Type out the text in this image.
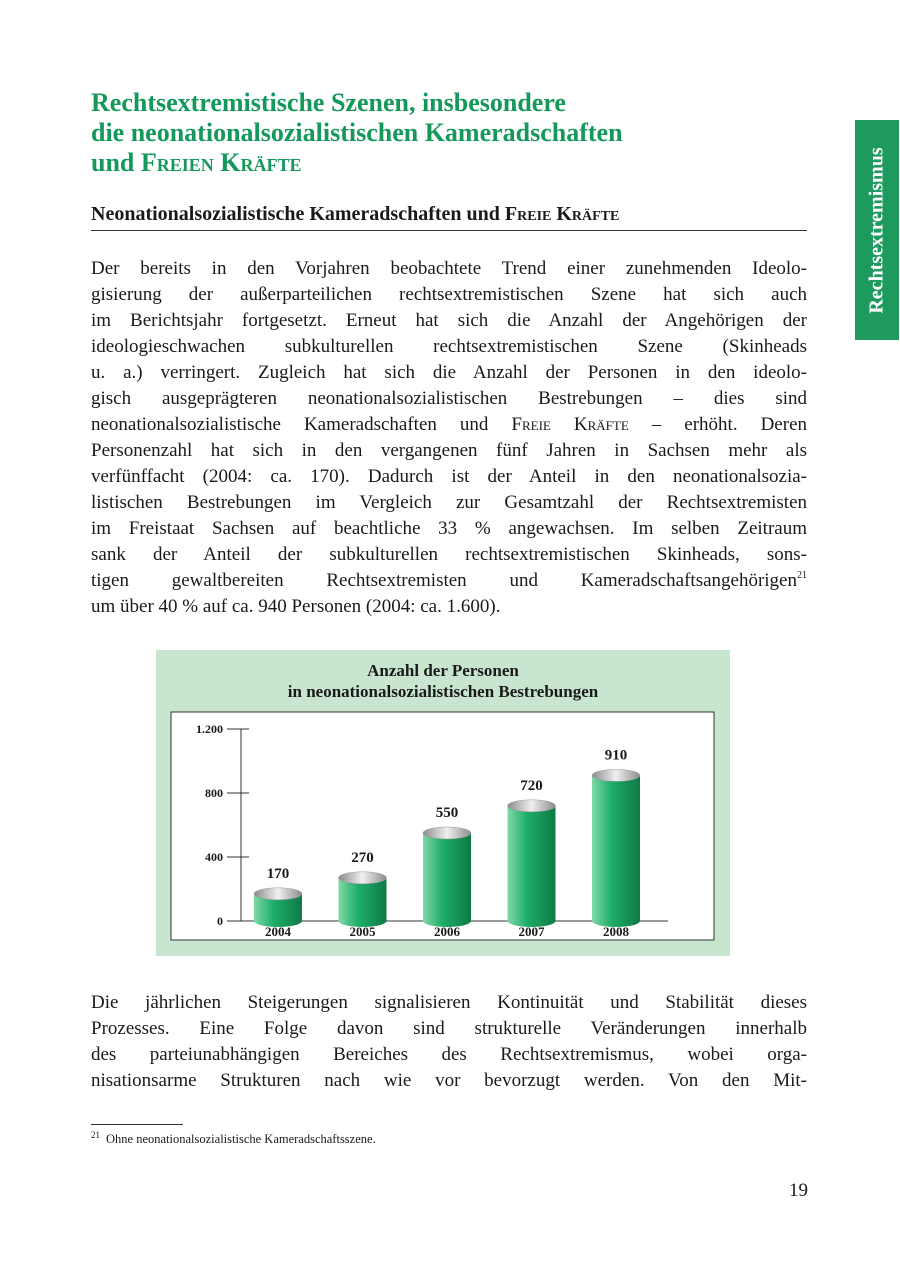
Rechtsextremismus
Rechtsextremistische Szenen, insbesondere
die neonationalsozialistischen Kameradschaften
und Freien Kräfte
Neonationalsozialistische Kameradschaften und Freie Kräfte

Der bereits in den Vorjahren beobachtete Trend einer zunehmenden Ideolo-
gisierung der außerparteilichen rechtsextremistischen Szene hat sich auch
im Berichtsjahr fortgesetzt. Erneut hat sich die Anzahl der Angehörigen der
ideologieschwachen subkulturellen rechtsextremistischen Szene (Skinheads
u. a.) verringert. Zugleich hat sich die Anzahl der Personen in den ideolo-
gisch ausgeprägteren neonationalsozialistischen Bestrebungen – dies sind
neonationalsozialistische Kameradschaften und Freie Kräfte – erhöht. Deren
Personenzahl hat sich in den vergangenen fünf Jahren in Sachsen mehr als
verfünffacht (2004: ca. 170). Dadurch ist der Anteil in den neonationalsozia-
listischen Bestrebungen im Vergleich zur Gesamtzahl der Rechtsextremisten
im Freistaat Sachsen auf beachtliche 33 % angewachsen. Im selben Zeitraum
sank der Anteil der subkulturellen rechtsextremistischen Skinheads, sons-
tigen gewaltbereiten Rechtsextremisten und Kameradschaftsangehörigen$^{21}$
um über 40 % auf ca. 940 Personen (2004: ca. 1.600).

Anzahl der Personen
in neonationalsozialistischen Bestrebungen
0
400
800
1.200
170
2004
270
2005
550
2006
720
2007
910
2008

Die jährlichen Steigerungen signalisieren Kontinuität und Stabilität dieses
Prozesses. Eine Folge davon sind strukturelle Veränderungen innerhalb
des parteiunabhängigen Bereiches des Rechtsextremismus, wobei orga-
nisationsarme Strukturen nach wie vor bevorzugt werden. Von den Mit-

$^{21}$ Ohne neonationalsozialistische Kameradschaftsszene.

19
